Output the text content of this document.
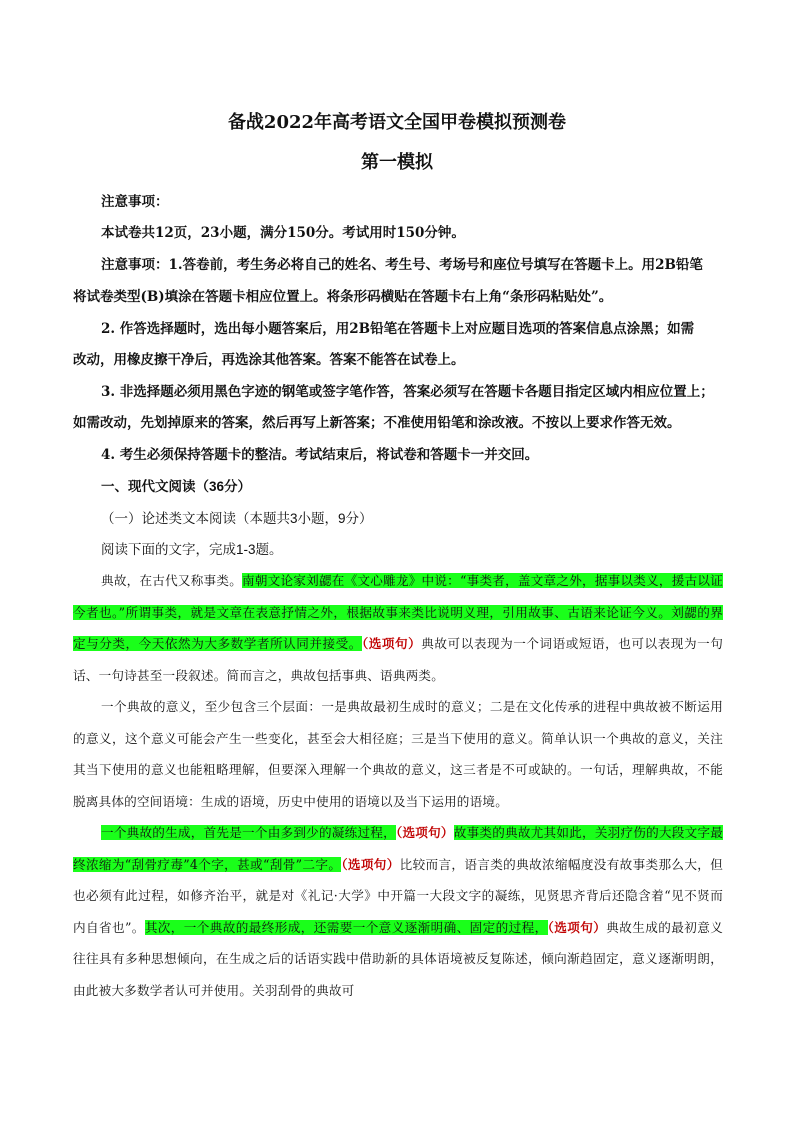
备战2022年高考语文全国甲卷模拟预测卷
第一模拟
注意事项：
本试卷共12页，23小题，满分150分。考试用时150分钟。
注意事项：1.答卷前，考生务必将自己的姓名、考生号、考场号和座位号填写在答题卡上。用2B铅笔
将试卷类型(B)填涂在答题卡相应位置上。将条形码横贴在答题卡右上角“条形码粘贴处”。
2. 作答选择题时，选出每小题答案后，用2B铅笔在答题卡上对应题目选项的答案信息点涂黑；如需
改动，用橡皮擦干净后，再选涂其他答案。答案不能答在试卷上。
3. 非选择题必须用黑色字迹的钢笔或签字笔作答，答案必须写在答题卡各题目指定区域内相应位置上；
如需改动，先划掉原来的答案，然后再写上新答案；不准使用铅笔和涂改液。不按以上要求作答无效。
4. 考生必须保持答题卡的整洁。考试结束后，将试卷和答题卡一并交回。
一、现代文阅读（36分）
（一）论述类文本阅读（本题共3小题，9分）
阅读下面的文字，完成1-3题。
典故，在古代又称事类。南朝文论家刘勰在《文心雕龙》中说：“事类者，盖文章之外，据事以类义，援古以证今者也。”所谓事类，就是文章在表意抒情之外，根据故事来类比说明义理，引用故事、古语来论证今义。刘勰的界定与分类，今天依然为大多数学者所认同并接受。（选项句）典故可以表现为一个词语或短语，也可以表现为一句话、一句诗甚至一段叙述。简而言之，典故包括事典、语典两类。
一个典故的意义，至少包含三个层面：一是典故最初生成时的意义；二是在文化传承的进程中典故被不断运用的意义，这个意义可能会产生一些变化，甚至会大相径庭；三是当下使用的意义。简单认识一个典故的意义，关注其当下使用的意义也能粗略理解，但要深入理解一个典故的意义，这三者是不可或缺的。一句话，理解典故，不能脱离具体的空间语境：生成的语境，历史中使用的语境以及当下运用的语境。
一个典故的生成，首先是一个由多到少的凝练过程，（选项句）故事类的典故尤其如此，关羽疗伤的大段文字最终浓缩为“刮骨疗毒”4个字，甚或“刮骨”二字。（选项句）比较而言，语言类的典故浓缩幅度没有故事类那么大，但也必须有此过程，如修齐治平，就是对《礼记·大学》中开篇一大段文字的凝练，见贤思齐背后还隐含着“见不贤而内自省也”。其次，一个典故的最终形成，还需要一个意义逐渐明确、固定的过程，（选项句）典故生成的最初意义往往具有多种思想倾向，在生成之后的话语实践中借助新的具体语境被反复陈述，倾向渐趋固定，意义逐渐明朗，由此被大多数学者认可并使用。关羽刮骨的典故可
